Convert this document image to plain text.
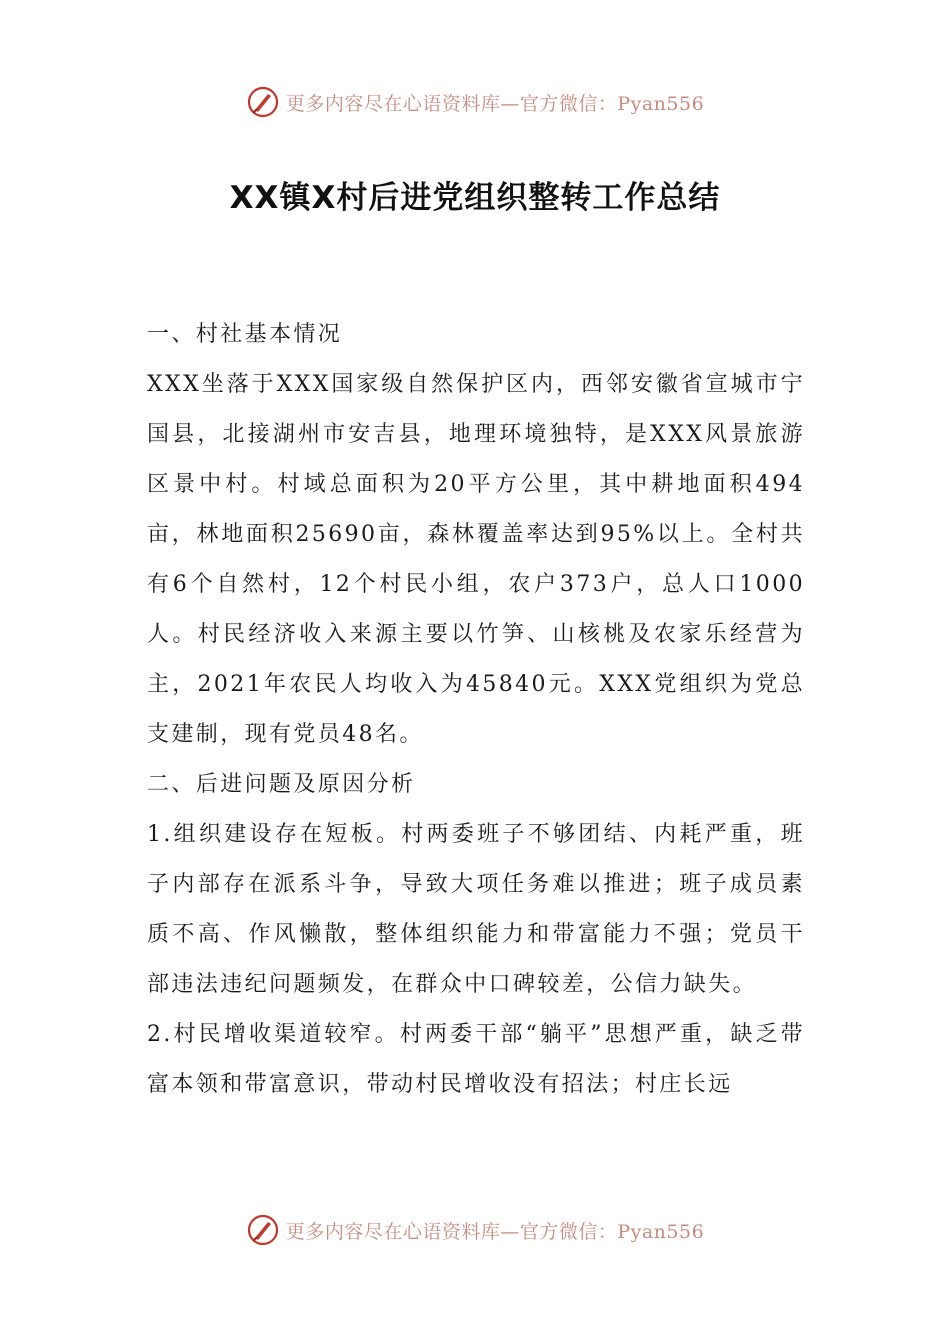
更多内容尽在心语资料库—官方微信：Pyan556
XX镇X村后进党组织整转工作总结

一、村社基本情况

XXX坐落于XXX国家级自然保护区内，西邻安徽省宣城市宁国县，北接湖州市安吉县，地理环境独特，是XXX风景旅游区景中村。村域总面积为20平方公里，其中耕地面积494亩，林地面积25690亩，森林覆盖率达到95%以上。全村共有6个自然村，12个村民小组，农户373户，总人口1000人。村民经济收入来源主要以竹笋、山核桃及农家乐经营为主，2021年农民人均收入为45840元。XXX党组织为党总支建制，现有党员48名。

二、后进问题及原因分析

1.组织建设存在短板。村两委班子不够团结、内耗严重，班子内部存在派系斗争，导致大项任务难以推进；班子成员素质不高、作风懒散，整体组织能力和带富能力不强；党员干部违法违纪问题频发，在群众中口碑较差，公信力缺失。

2.村民增收渠道较窄。村两委干部“躺平”思想严重，缺乏带富本领和带富意识，带动村民增收没有招法；村庄长远

更多内容尽在心语资料库—官方微信：Pyan556
